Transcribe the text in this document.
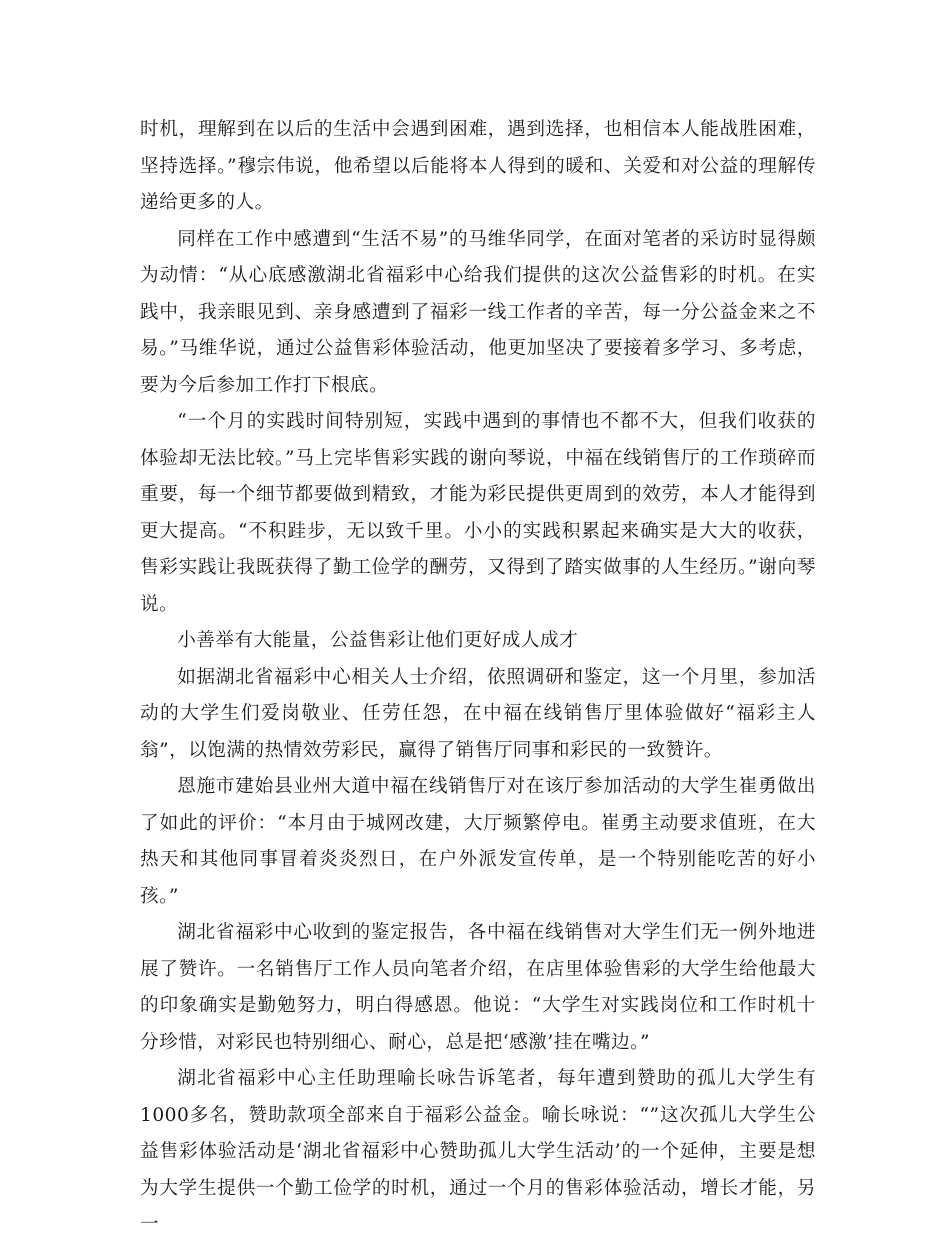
时机，理解到在以后的生活中会遇到困难，遇到选择，也相信本人能战胜困难，坚持选择。”穆宗伟说，他希望以后能将本人得到的暖和、关爱和对公益的理解传递给更多的人。

同样在工作中感遭到“生活不易”的马维华同学，在面对笔者的采访时显得颇为动情：“从心底感激湖北省福彩中心给我们提供的这次公益售彩的时机。在实践中，我亲眼见到、亲身感遭到了福彩一线工作者的辛苦，每一分公益金来之不易。”马维华说，通过公益售彩体验活动，他更加坚决了要接着多学习、多考虑，要为今后参加工作打下根底。

“一个月的实践时间特别短，实践中遇到的事情也不都不大，但我们收获的体验却无法比较。”马上完毕售彩实践的谢向琴说，中福在线销售厅的工作琐碎而重要，每一个细节都要做到精致，才能为彩民提供更周到的效劳，本人才能得到更大提高。“不积跬步，无以致千里。小小的实践积累起来确实是大大的收获，售彩实践让我既获得了勤工俭学的酬劳，又得到了踏实做事的人生经历。”谢向琴说。

小善举有大能量，公益售彩让他们更好成人成才

如据湖北省福彩中心相关人士介绍，依照调研和鉴定，这一个月里，参加活动的大学生们爱岗敬业、任劳任怨，在中福在线销售厅里体验做好“福彩主人翁”，以饱满的热情效劳彩民，赢得了销售厅同事和彩民的一致赞许。

恩施市建始县业州大道中福在线销售厅对在该厅参加活动的大学生崔勇做出了如此的评价：“本月由于城网改建，大厅频繁停电。崔勇主动要求值班，在大热天和其他同事冒着炎炎烈日，在户外派发宣传单，是一个特别能吃苦的好小孩。”

湖北省福彩中心收到的鉴定报告，各中福在线销售对大学生们无一例外地进展了赞许。一名销售厅工作人员向笔者介绍，在店里体验售彩的大学生给他最大的印象确实是勤勉努力，明白得感恩。他说：“大学生对实践岗位和工作时机十分珍惜，对彩民也特别细心、耐心，总是把‘感激’挂在嘴边。”

湖北省福彩中心主任助理喻长咏告诉笔者，每年遭到赞助的孤儿大学生有1000多名，赞助款项全部来自于福彩公益金。喻长咏说：“”这次孤儿大学生公益售彩体验活动是‘湖北省福彩中心赞助孤儿大学生活动’的一个延伸，主要是想为大学生提供一个勤工俭学的时机，通过一个月的售彩体验活动，增长才能，另一
